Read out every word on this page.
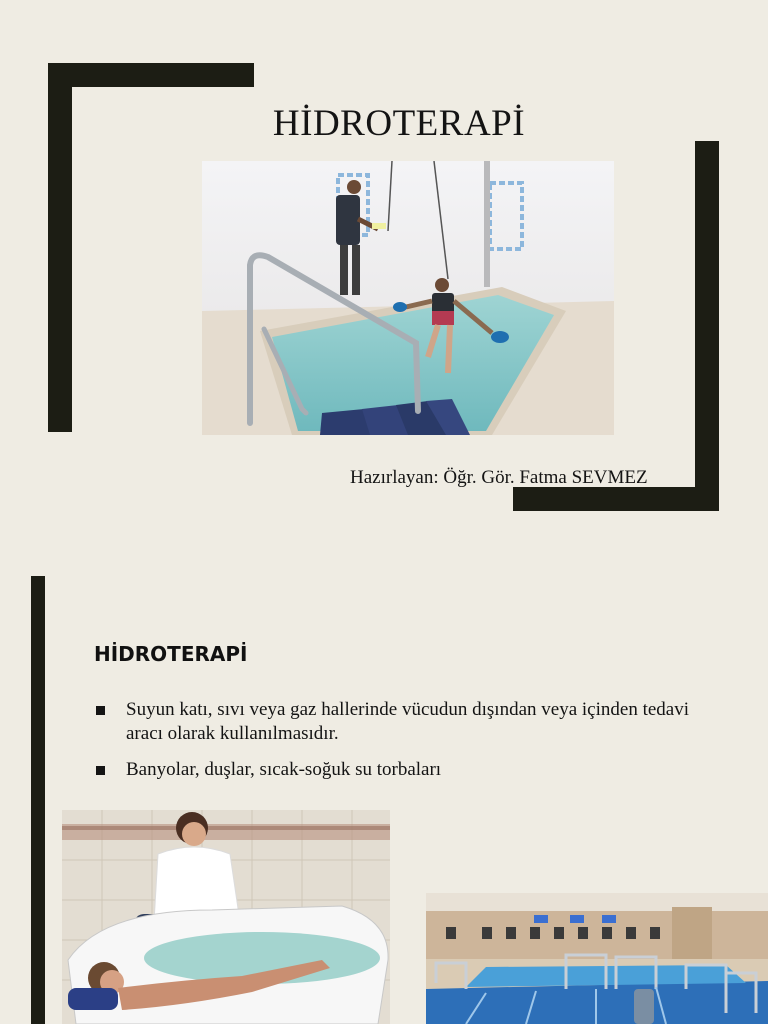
HİDROTERAPİ
Hazırlayan: Öğr. Gör. Fatma SEVMEZ
HİDROTERAPİ
Suyun katı, sıvı veya gaz hallerinde vücudun dışından veya içinden tedavi aracı olarak kullanılmasıdır.
Banyolar, duşlar, sıcak-soğuk su torbaları
